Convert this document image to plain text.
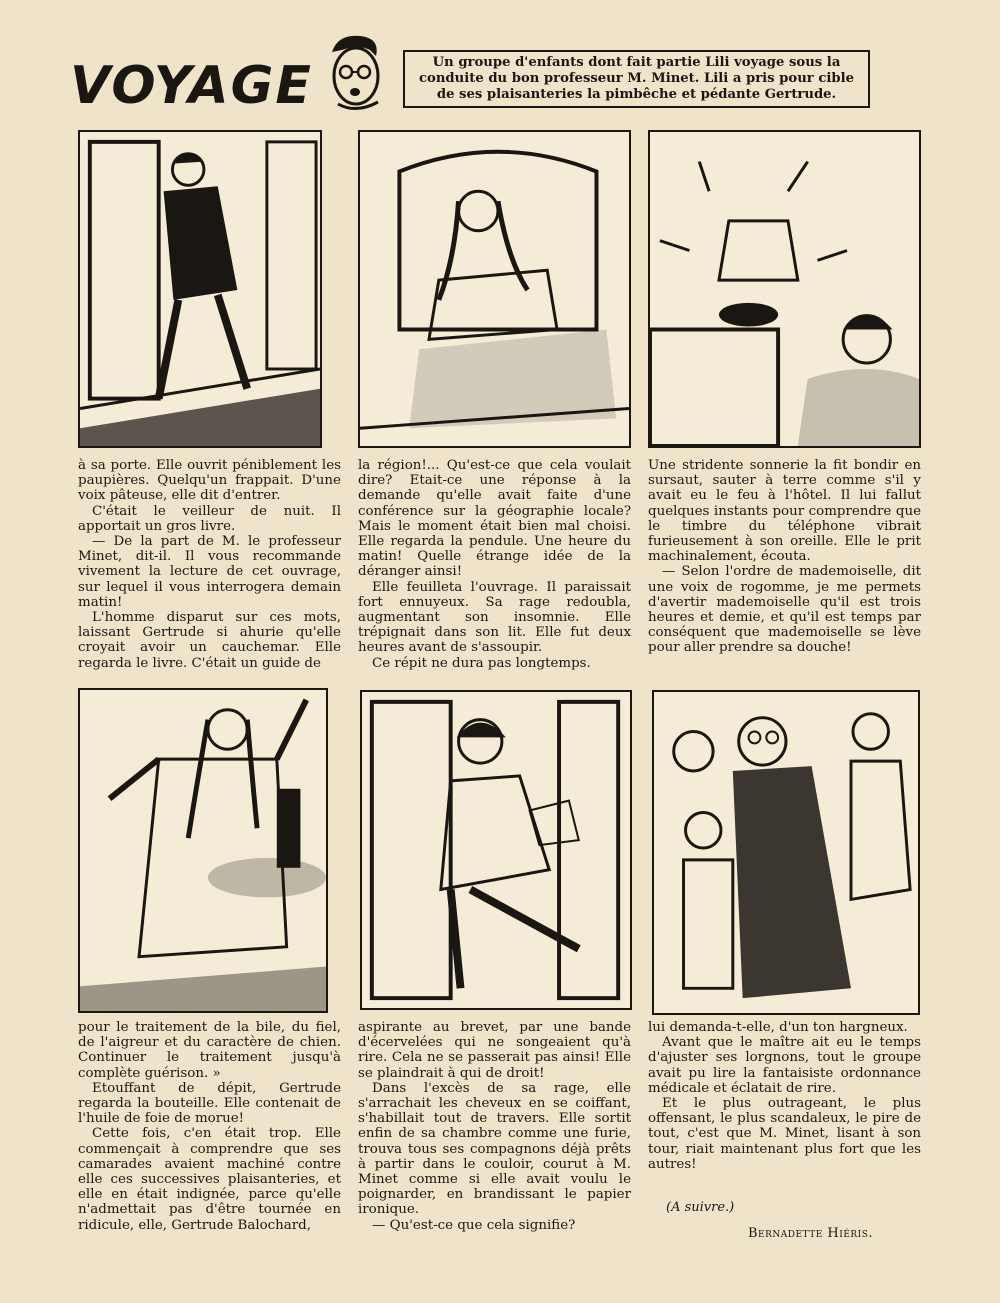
VOYAGE	Un groupe d'enfants dont fait partie Lili voyage sous la
conduite du bon professeur M. Minet. Lili a pris pour cible
de ses plaisanteries la pimbêche et pédante Gertrude.

à sa porte. Elle ouvrit péniblement les paupières. Quelqu'un frappait. D'une voix pâteuse, elle dit d'entrer.

C'était le veilleur de nuit. Il apportait un gros livre.

— De la part de M. le professeur Minet, dit-il. Il vous recommande vivement la lecture de cet ouvrage, sur lequel il vous interrogera demain matin!

L'homme disparut sur ces mots, laissant Gertrude si ahurie qu'elle croyait avoir un cauchemar. Elle regarda le livre. C'était un guide de

la région!... Qu'est-ce que cela voulait dire? Etait-ce une réponse à la demande qu'elle avait faite d'une conférence sur la géographie locale? Mais le moment était bien mal choisi. Elle regarda la pendule. Une heure du matin! Quelle étrange idée de la déranger ainsi!

Elle feuilleta l'ouvrage. Il paraissait fort ennuyeux. Sa rage redoubla, augmentant son insomnie. Elle trépignait dans son lit. Elle fut deux heures avant de s'assoupir.

Ce répit ne dura pas longtemps.

Une stridente sonnerie la fit bondir en sursaut, sauter à terre comme s'il y avait eu le feu à l'hôtel. Il lui fallut quelques instants pour comprendre que le timbre du téléphone vibrait furieusement à son oreille. Elle le prit machinalement, écouta.

— Selon l'ordre de mademoiselle, dit une voix de rogomme, je me permets d'avertir mademoiselle qu'il est trois heures et demie, et qu'il est temps par conséquent que mademoiselle se lève pour aller prendre sa douche!

pour le traitement de la bile, du fiel, de l'aigreur et du caractère de chien. Continuer le traitement jusqu'à complète guérison. »

Etouffant de dépit, Gertrude regarda la bouteille. Elle contenait de l'huile de foie de morue!

Cette fois, c'en était trop. Elle commençait à comprendre que ses camarades avaient machiné contre elle ces successives plaisanteries, et elle en était indignée, parce qu'elle n'admettait pas d'être tournée en ridicule, elle, Gertrude Balochard,

aspirante au brevet, par une bande d'écervelées qui ne songeaient qu'à rire. Cela ne se passerait pas ainsi! Elle se plaindrait à qui de droit!

Dans l'excès de sa rage, elle s'arrachait les cheveux en se coiffant, s'habillait tout de travers. Elle sortit enfin de sa chambre comme une furie, trouva tous ses compagnons déjà prêts à partir dans le couloir, courut à M. Minet comme si elle avait voulu le poignarder, en brandissant le papier ironique.

— Qu'est-ce que cela signifie?

lui demanda-t-elle, d'un ton hargneux.

Avant que le maître ait eu le temps d'ajuster ses lorgnons, tout le groupe avait pu lire la fantaisiste ordonnance médicale et éclatait de rire.

Et le plus outrageant, le plus offensant, le plus scandaleux, le pire de tout, c'est que M. Minet, lisant à son tour, riait maintenant plus fort que les autres!

(A suivre.)
Bernadette Hiéris.
